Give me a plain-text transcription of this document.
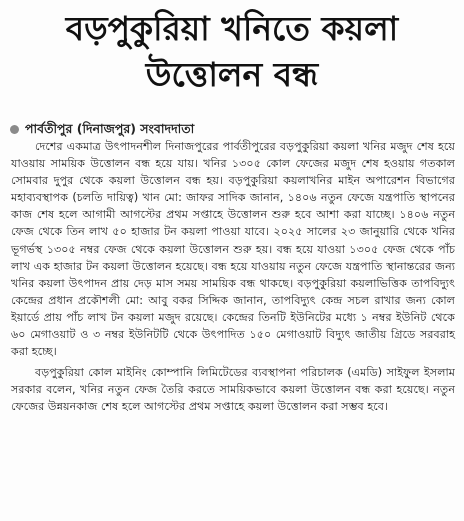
বড়পুকুরিয়া খনিতে কয়লা
উত্তোলন বন্ধ
পার্বতীপুর (দিনাজপুর) সংবাদদাতা

দেশের একমাত্র উৎপাদনশীল দিনাজপুরের পার্বতীপুরের বড়পুকুরিয়া কয়লা খনির মজুদ শেষ হয়ে যাওয়ায় সাময়িক উত্তোলন বন্ধ হয়ে যায়। খনির ১৩০৫ কোল ফেজের মজুদ শেষ হওয়ায় গতকাল সোমবার দুপুর থেকে কয়লা উত্তোলন বন্ধ হয়। বড়পুকুরিয়া কয়লাখনির মাইন অপারেশন বিভাগের মহাব্যবস্থাপক (চলতি দায়িত্ব) খান মো: জাফর সাদিক জানান, ১৪০৬ নতুন ফেজে যন্ত্রপাতি স্থাপনের কাজ শেষ হলে আগামী আগস্টের প্রথম সপ্তাহে উত্তোলন শুরু হবে আশা করা যাচ্ছে। ১৪০৬ নতুন ফেজ থেকে তিন লাখ ৫০ হাজার টন কয়লা পাওয়া যাবে। ২০২৫ সালের ২৩ জানুয়ারি থেকে খনির ভূগর্ভস্থ ১৩০৫ নম্বর ফেজ থেকে কয়লা উত্তোলন শুরু হয়। বন্ধ হয়ে যাওয়া ১৩০৫ ফেজ থেকে পাঁচ লাখ এক হাজার টন কয়লা উত্তোলন হয়েছে। বন্ধ হয়ে যাওয়ায় নতুন ফেজে যন্ত্রপাতি স্থানান্তরের জন্য খনির কয়লা উৎপাদন প্রায় দেড় মাস সময় সাময়িক বন্ধ থাকছে। বড়পুকুরিয়া কয়লাভিত্তিক তাপবিদ্যুৎ কেন্দ্রের প্রধান প্রকৌশলী মো: আবু বকর সিদ্দিক জানান, তাপবিদ্যুৎ কেন্দ্র সচল রাখার জন্য কোল ইয়ার্ডে প্রায় পাঁচ লাখ টন কয়লা মজুদ রয়েছে। কেন্দ্রের তিনটি ইউনিটের মধ্যে ১ নম্বর ইউনিট থেকে ৬০ মেগাওয়াট ও ৩ নম্বর ইউনিটটি থেকে উৎপাদিত ১৫০ মেগাওয়াট বিদ্যুৎ জাতীয় গ্রিডে সরবরাহ করা হচ্ছে।

বড়পুকুরিয়া কোল মাইনিং কোম্পানি লিমিটেডের ব্যবস্থাপনা পরিচালক (এমডি) সাইফুল ইসলাম সরকার বলেন, খনির নতুন ফেজ তৈরি করতে সাময়িকভাবে কয়লা উত্তোলন বন্ধ করা হয়েছে। নতুন ফেজের উন্নয়নকাজ শেষ হলে আগস্টের প্রথম সপ্তাহে কয়লা উত্তোলন করা সম্ভব হবে।
